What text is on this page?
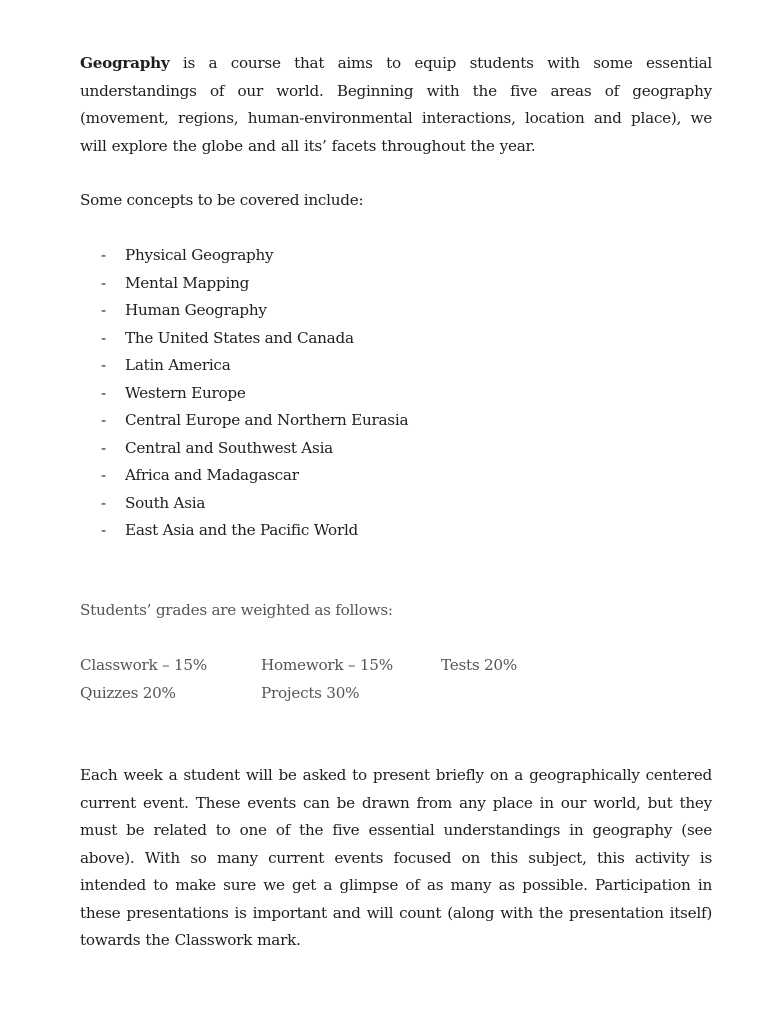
Geography is a course that aims to equip students with some essential understandings of our world. Beginning with the five areas of geography (movement, regions, human-environmental interactions, location and place), we will explore the globe and all its’ facets throughout the year.

Some concepts to be covered include:

- Physical Geography
- Mental Mapping
- Human Geography
- The United States and Canada
- Latin America
- Western Europe
- Central Europe and Northern Eurasia
- Central and Southwest Asia
- Africa and Madagascar
- South Asia
- East Asia and the Pacific World

Students’ grades are weighted as follows:

Classwork – 15%	Homework – 15%	Tests 20%
Quizzes 20%	Projects 30%

Each week a student will be asked to present briefly on a geographically centered current event. These events can be drawn from any place in our world, but they must be related to one of the five essential understandings in geography (see above). With so many current events focused on this subject, this activity is intended to make sure we get a glimpse of as many as possible. Participation in these presentations is important and will count (along with the presentation itself) towards the Classwork mark.
